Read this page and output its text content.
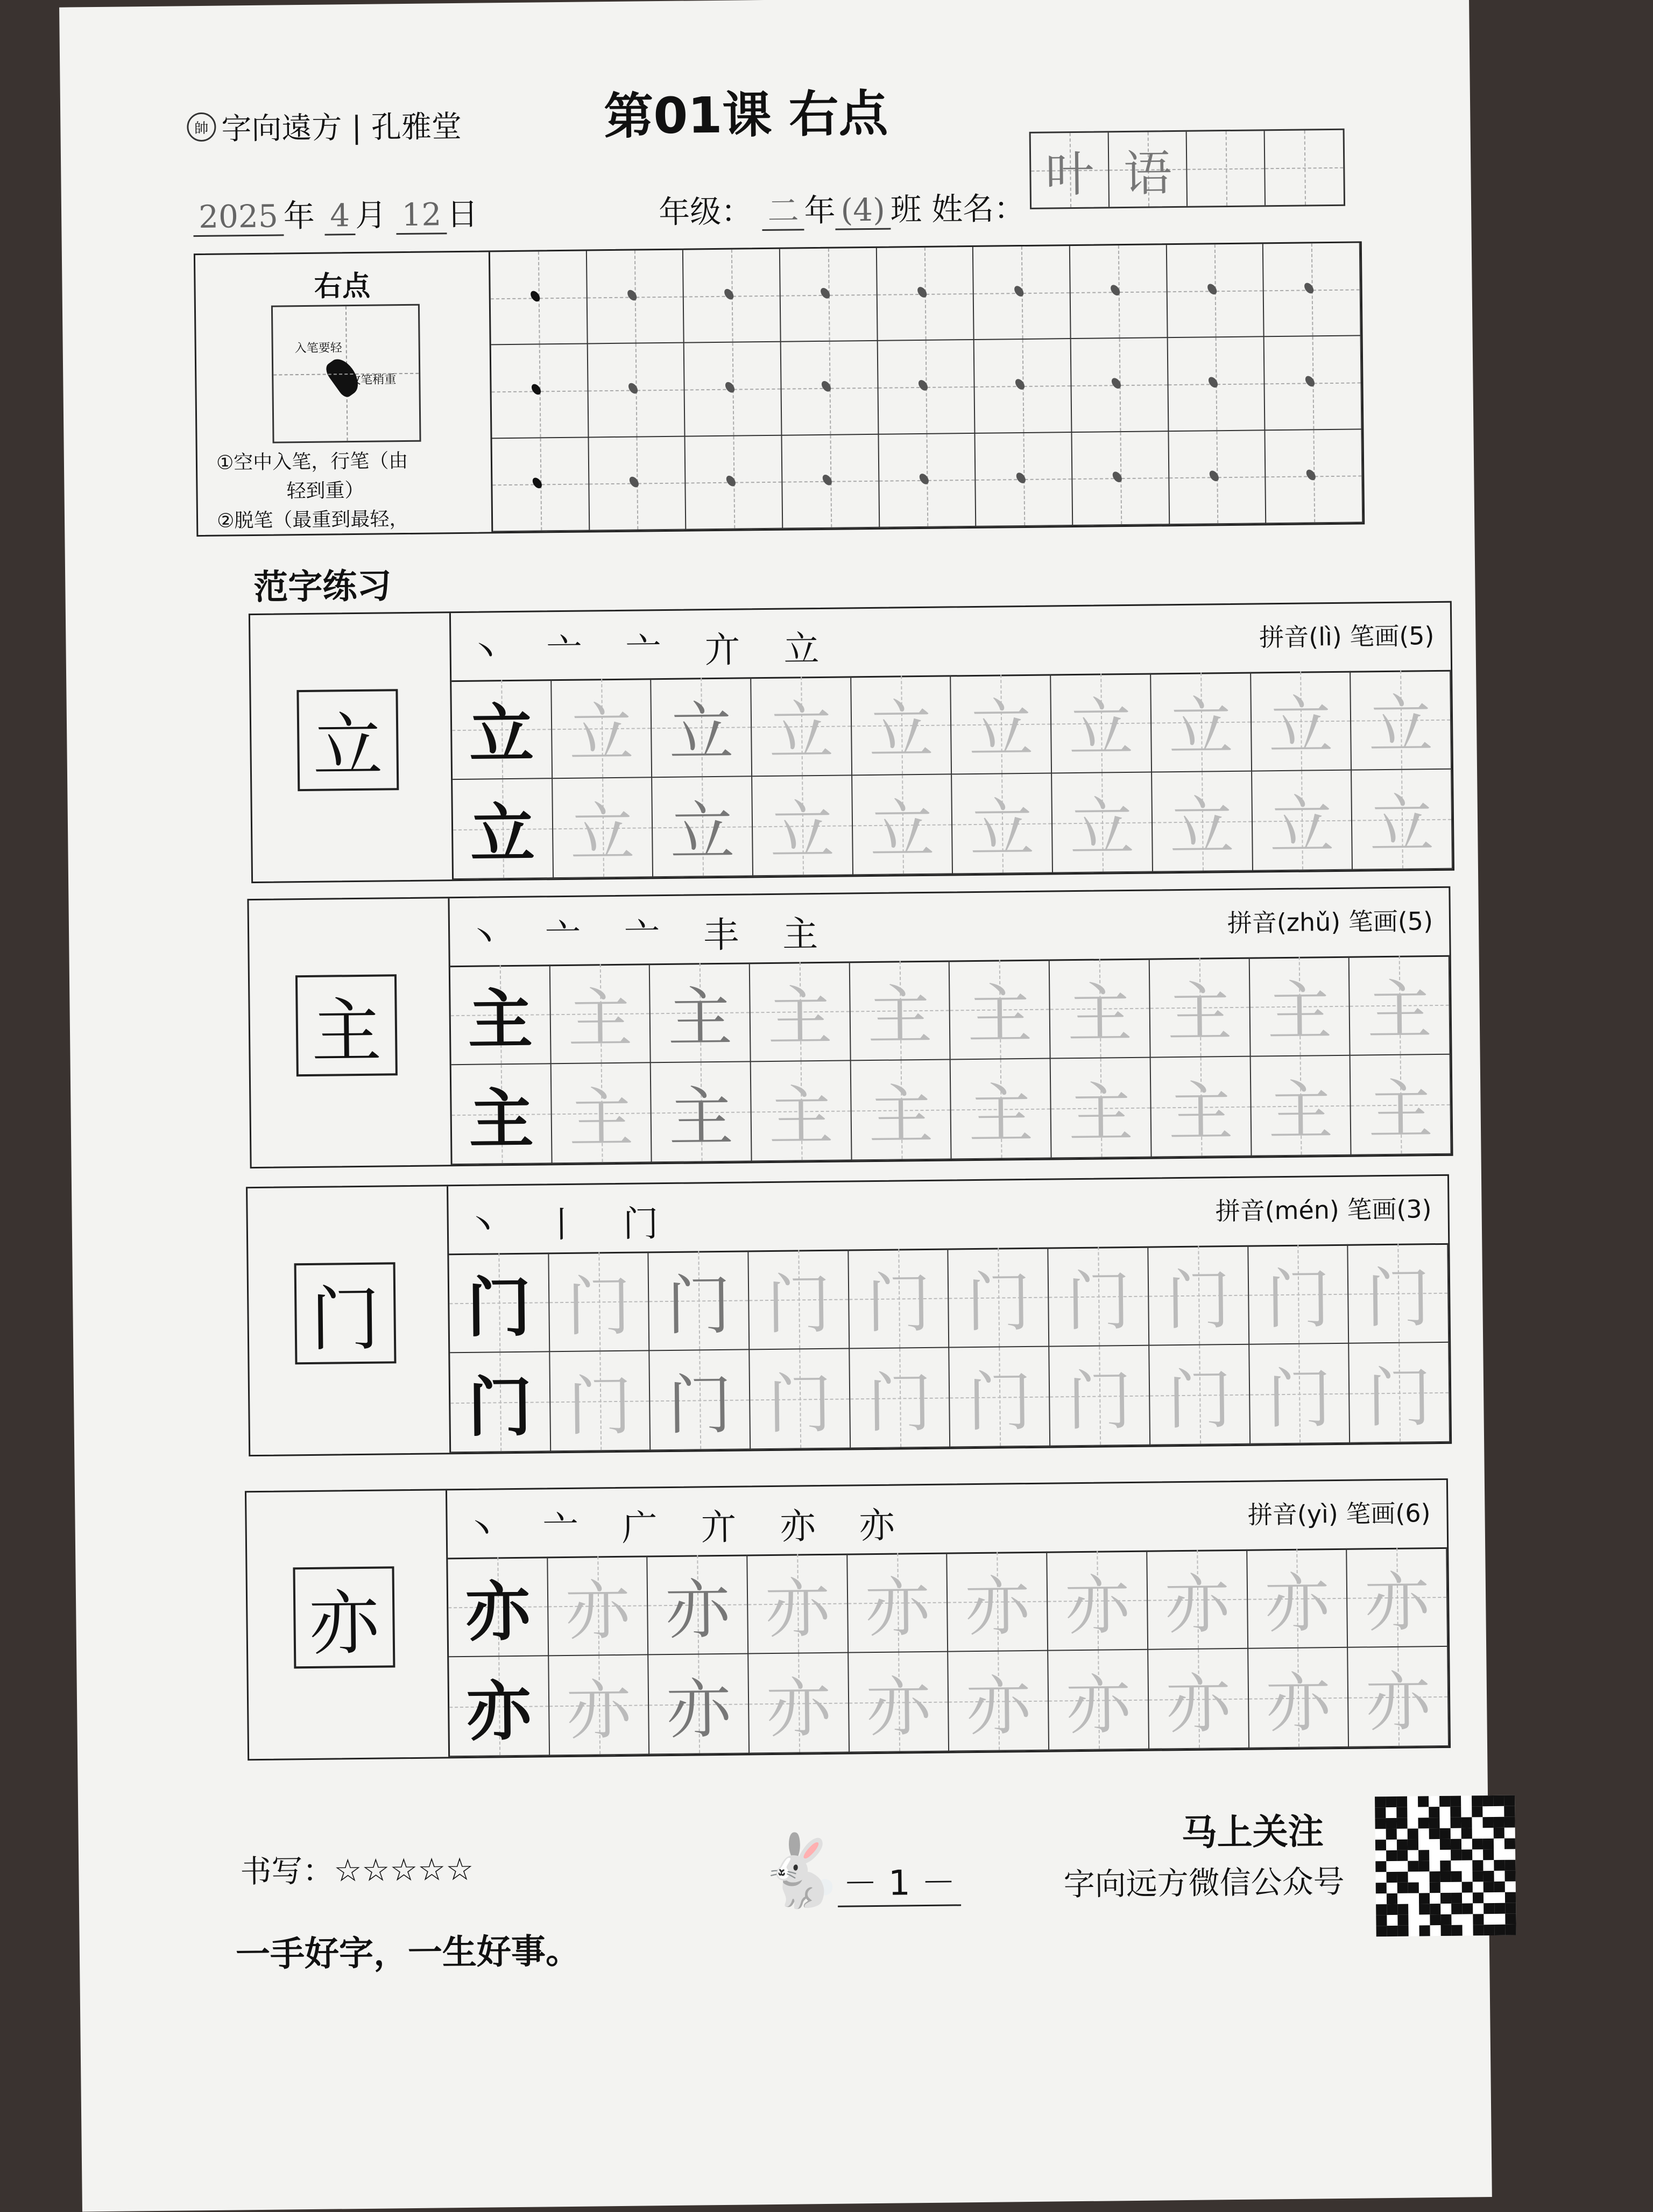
帥 字向遠方 | 孔雅堂	第01课 右点
2025 年 4 月 12 日	年级： 二 年 (4) 班 姓名：
叶 语
右点
入笔要轻
收笔稍重
①空中入笔，行笔（由
轻到重）
②脱笔（最重到最轻，
范字练习
立
丶 亠 亠 亣 立	拼音(lì) 笔画(5)
立 立 立 立 立 立 立 立 立 立
立 立 立 立 立 立 立 立 立 立
主
丶 亠 亠 丰 主	拼音(zhǔ) 笔画(5)
主 主 主 主 主 主 主 主 主 主
主 主 主 主 主 主 主 主 主 主
门
丶 丨 门	拼音(mén) 笔画(3)
门 门 门 门 门 门 门 门 门 门
门 门 门 门 门 门 门 门 门 门
亦
丶 亠 广 亣 亦 亦	拼音(yì) 笔画(6)
亦 亦 亦 亦 亦 亦 亦 亦 亦 亦
亦 亦 亦 亦 亦 亦 亦 亦 亦 亦
书写：☆☆☆☆☆	🐇
－ 1 －
一手好字，一生好事。
马上关注
字向远方微信公众号
